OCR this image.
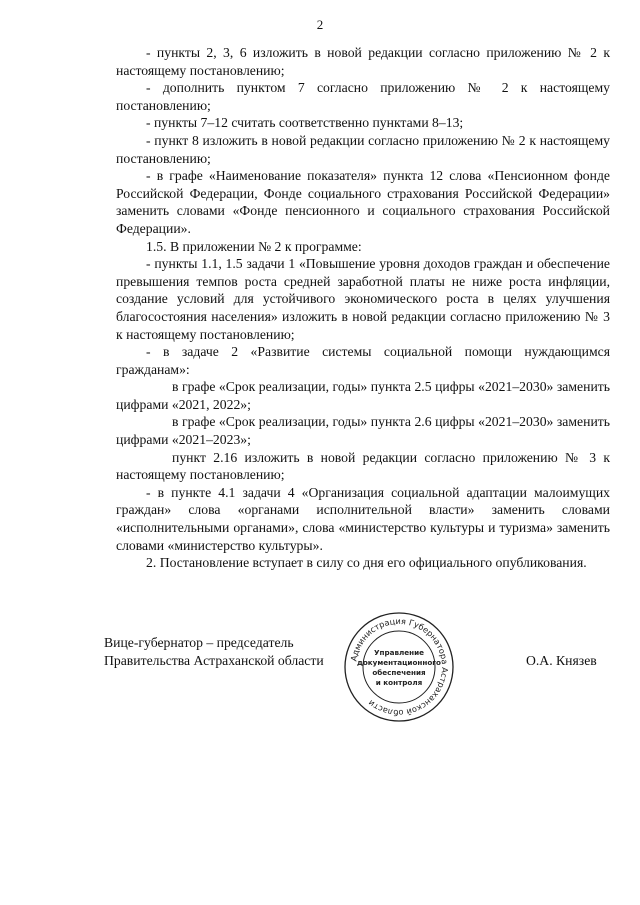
2

- пункты 2, 3, 6 изложить в новой редакции согласно приложению № 2 к настоящему постановлению;

- дополнить пунктом 7 согласно приложению № 2 к настоящему постановлению;

- пункты 7–12 считать соответственно пунктами 8–13;

- пункт 8 изложить в новой редакции согласно приложению № 2 к настоящему постановлению;

- в графе «Наименование показателя» пункта 12 слова «Пенсионном фонде Российской Федерации, Фонде социального страхования Российской Федерации» заменить словами «Фонде пенсионного и социального страхования Российской Федерации».

1.5. В приложении № 2 к программе:

- пункты 1.1, 1.5 задачи 1 «Повышение уровня доходов граждан и обеспечение превышения темпов роста средней заработной платы не ниже роста инфляции, создание условий для устойчивого экономического роста в целях улучшения благосостояния населения» изложить в новой редакции согласно приложению № 3 к настоящему постановлению;

- в задаче 2 «Развитие системы социальной помощи нуждающимся гражданам»:

в графе «Срок реализации, годы» пункта 2.5 цифры «2021–2030» заменить цифрами «2021, 2022»;

в графе «Срок реализации, годы» пункта 2.6 цифры «2021–2030» заменить цифрами «2021–2023»;

пункт 2.16 изложить в новой редакции согласно приложению № 3 к настоящему постановлению;

- в пункте 4.1 задачи 4 «Организация социальной адаптации малоимущих граждан» слова «органами исполнительной власти» заменить словами «исполнительными органами», слова «министерство культуры и туризма» заменить словами «министерство культуры».

2. Постановление вступает в силу со дня его официального опубликования.

Вице-губернатор – председатель
Правительства Астраханской области	Администрация Губернатора Астраханской области
Управление
документационного
обеспечения
и контроля
О.А. Князев
